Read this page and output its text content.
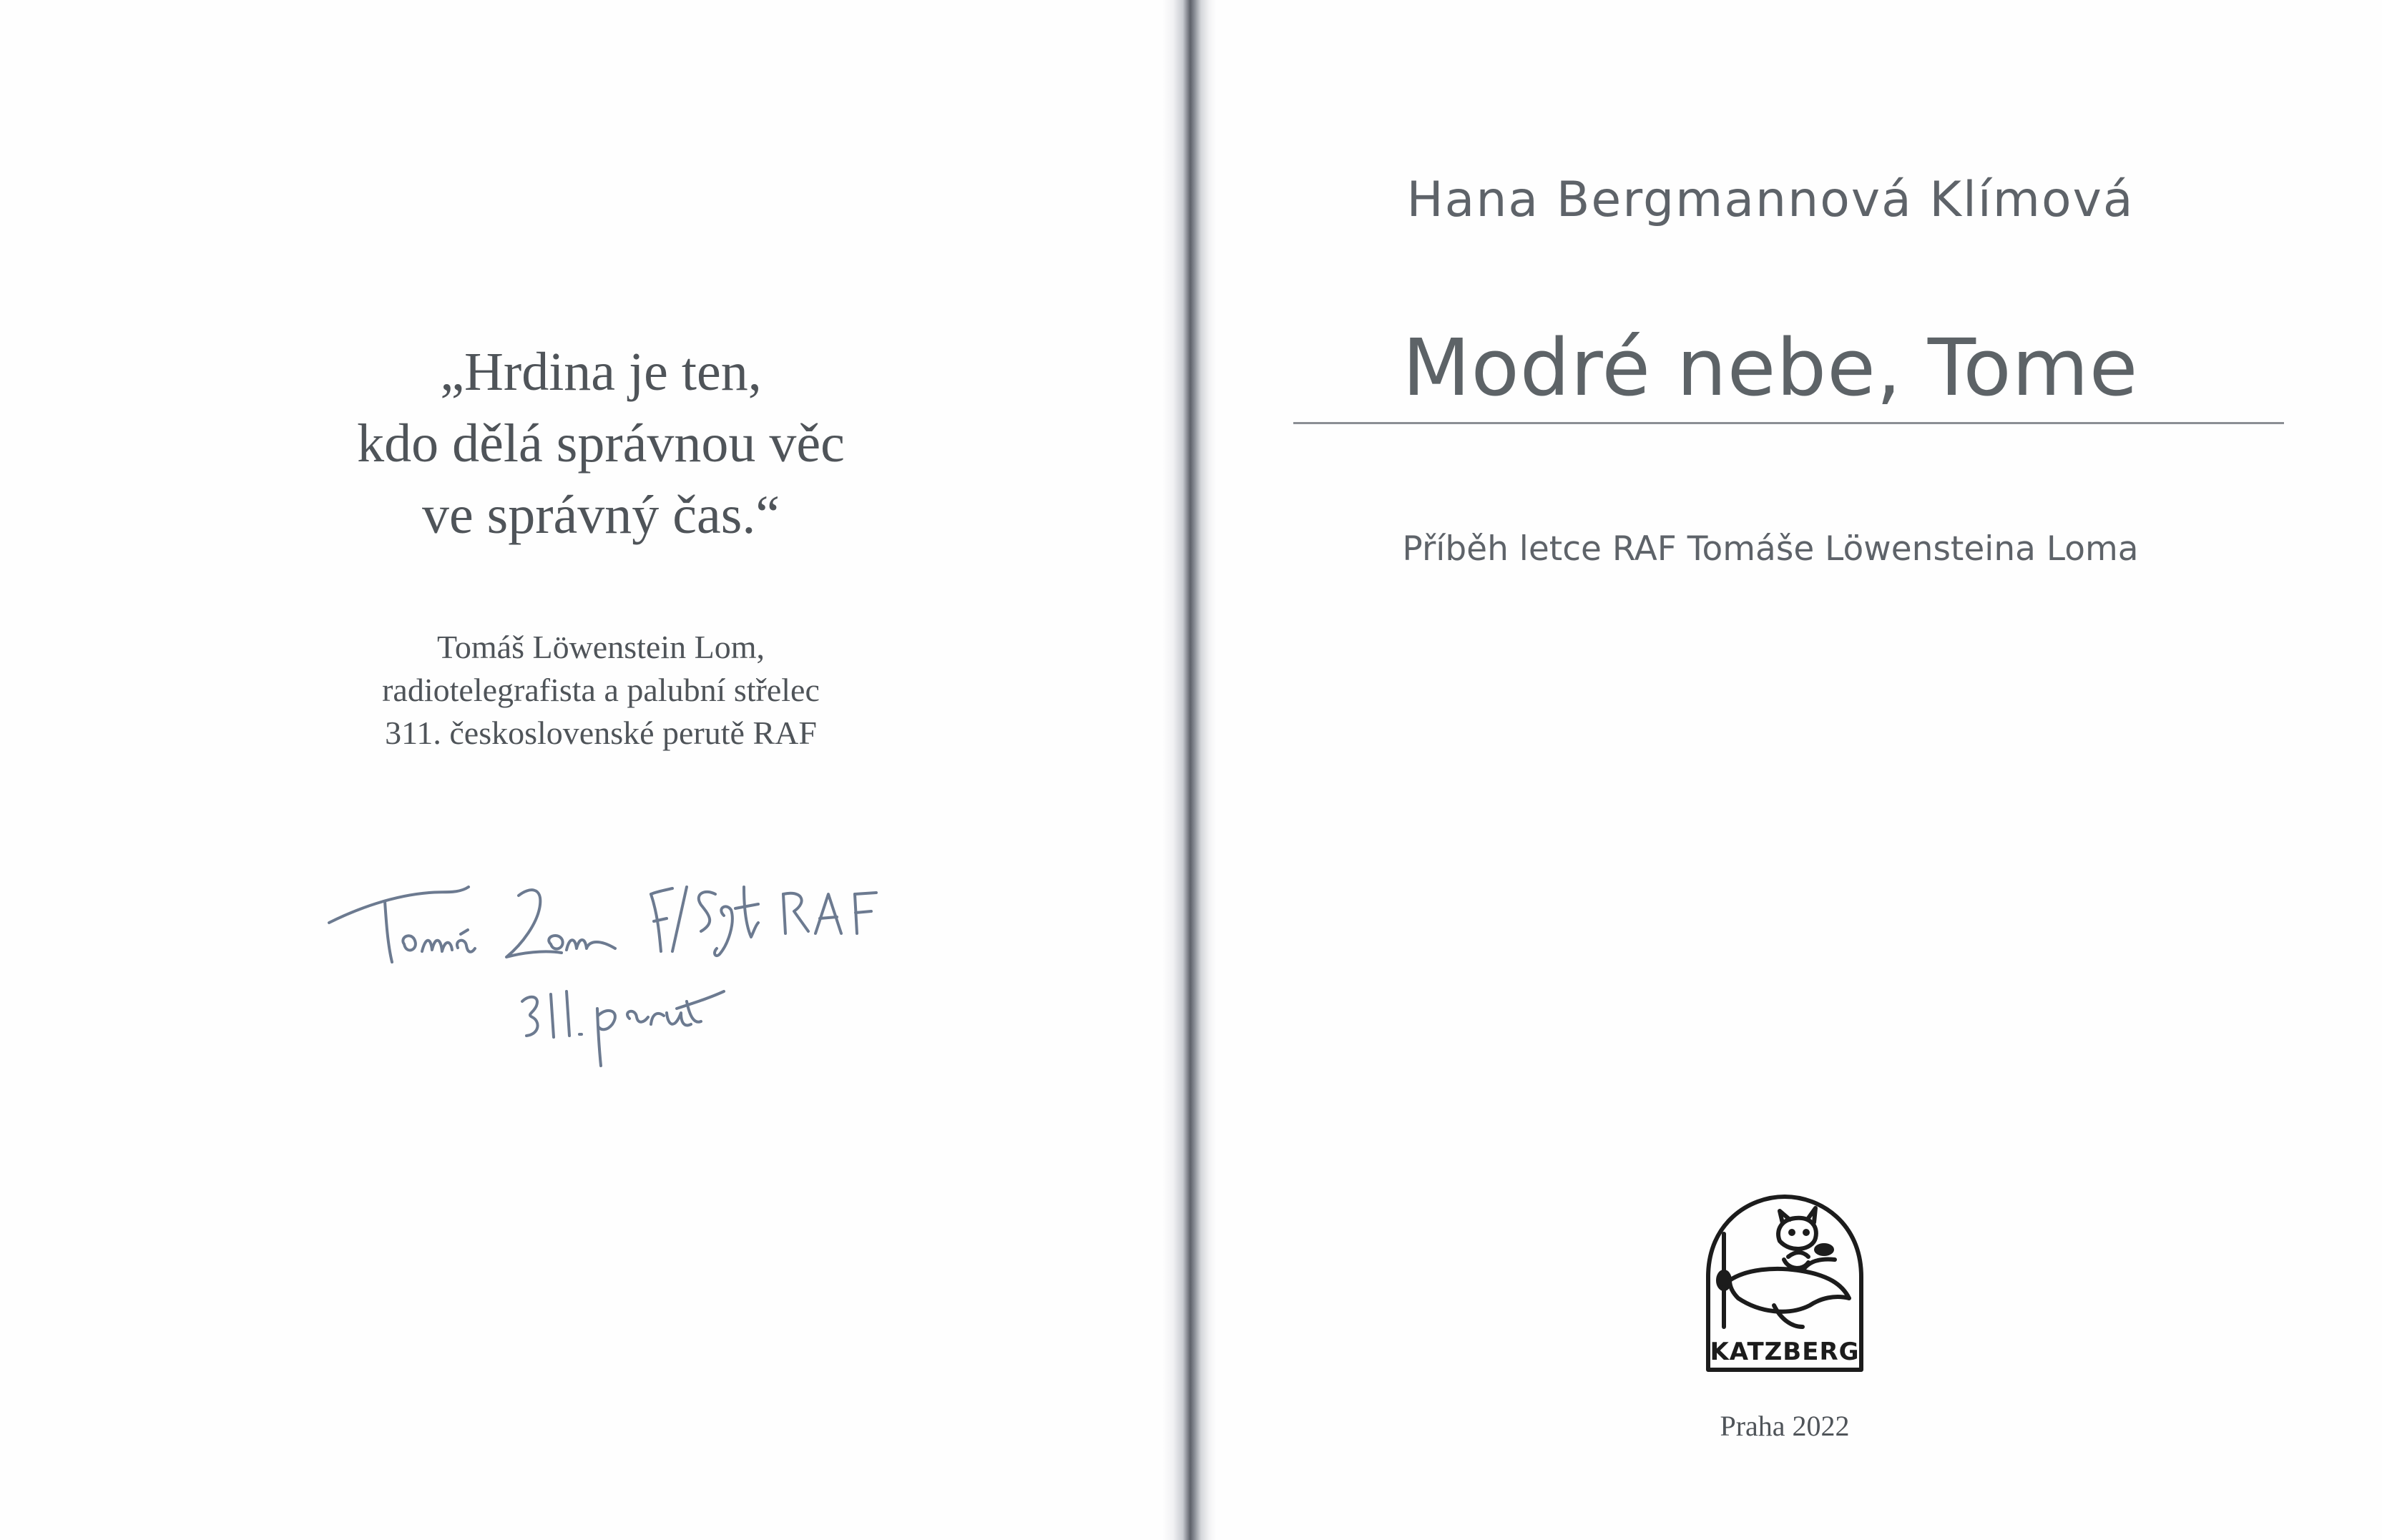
„Hrdina je ten,
kdo dělá správnou věc
ve správný čas.“
Tomáš Löwenstein Lom,
radiotelegrafista a palubní střelec
311. československé perutě RAF
Hana Bergmannová Klímová
Modré nebe, Tome
Příběh letce RAF Tomáše Löwensteina Loma
KATZBERG
Praha 2022
